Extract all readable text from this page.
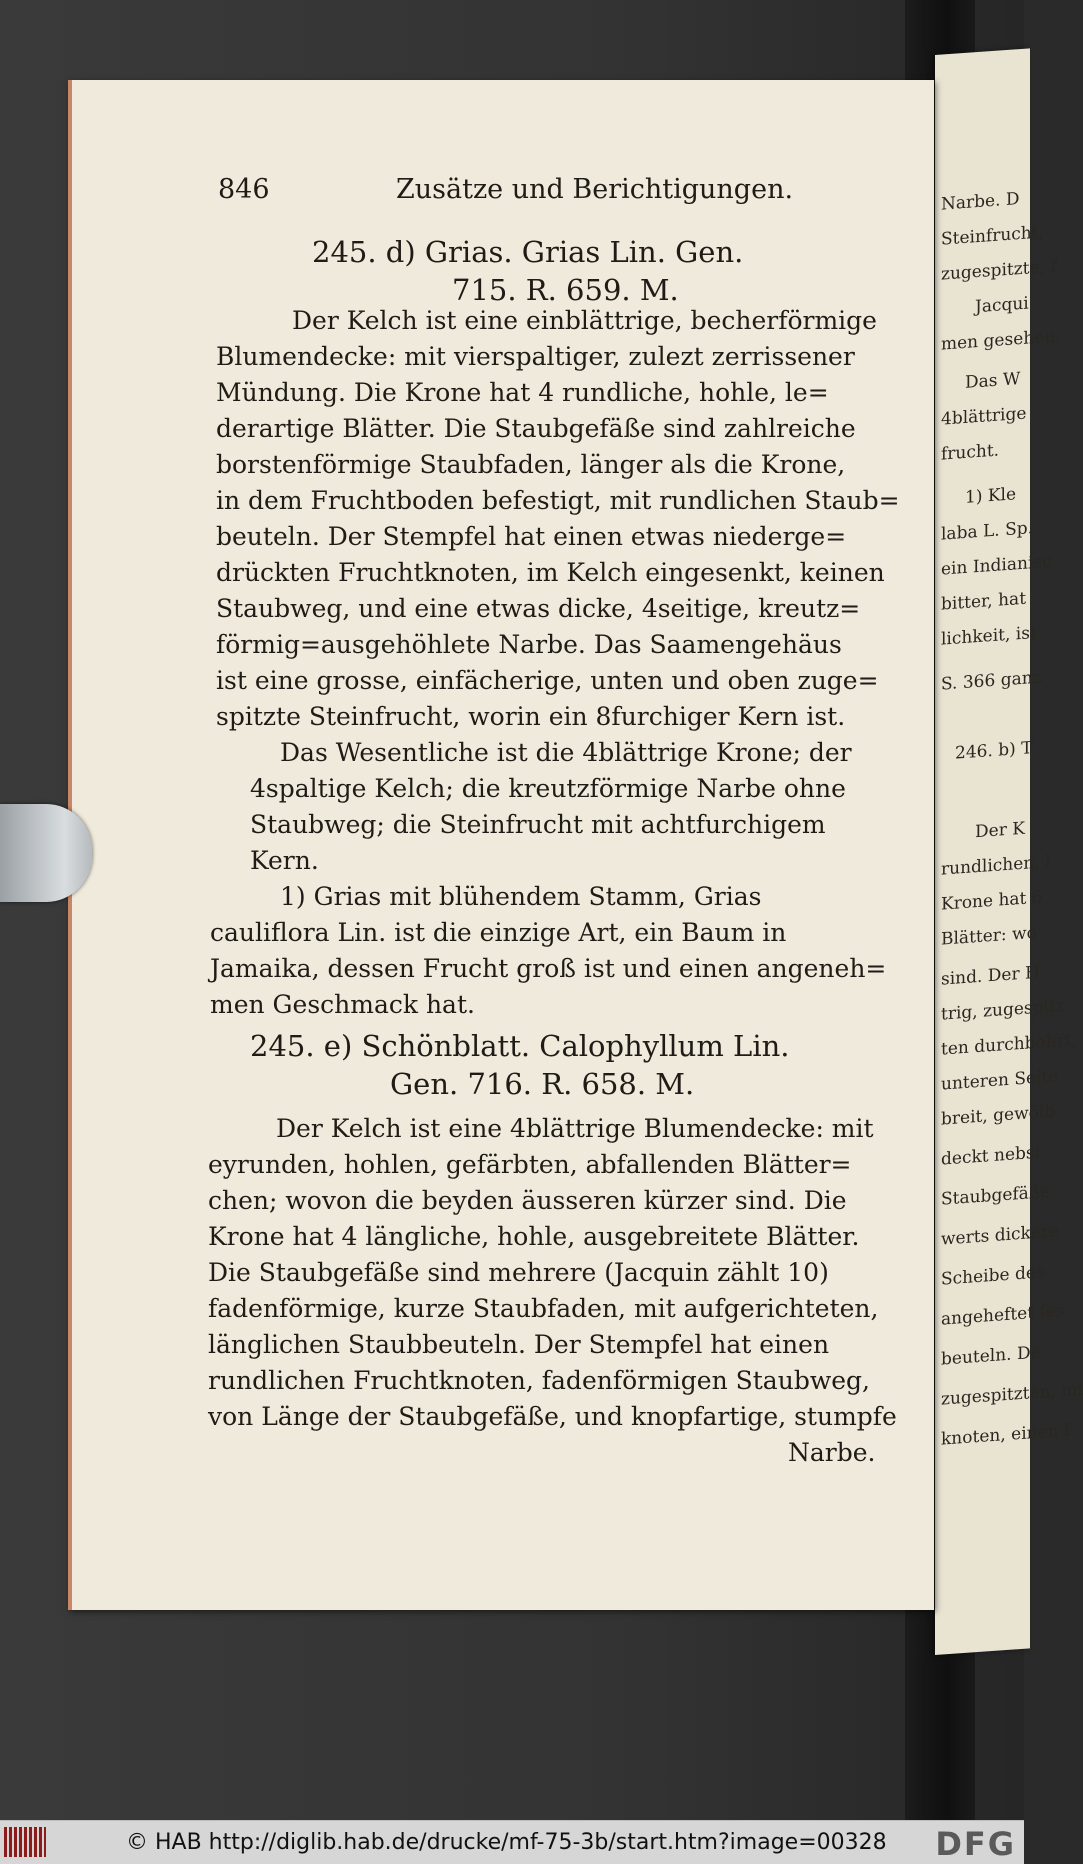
Narbe. D
Steinfrucht,
zugespitzte, f
Jacqui
men gesehen.
Das W
4blättrige
frucht.
1) Kle
laba L. Sp.
ein Indianisc
bitter, hat
lichkeit, ist
S. 366 ganz
246. b) T
Der K
rundlichen, l
Krone hat 6
Blätter: wo
sind. Der H
trig, zugespitz
ten durchbohrt,
unteren Seite
breit, gewölb
deckt nebst
Staubgefäße
werts dickere
Scheibe des
angeheftet fes
beuteln. De
zugespitzten, mi
knoten, einen f
846	Zusätze und Berichtigungen.
245. d) Grias. Grias Lin. Gen.
715. R. 659. M.
Der Kelch ist eine einblättrige, becherförmige
Blumendecke: mit vierspaltiger, zulezt zerrissener
Mündung. Die Krone hat 4 rundliche, hohle, le=
derartige Blätter. Die Staubgefäße sind zahlreiche
borstenförmige Staubfaden, länger als die Krone,
in dem Fruchtboden befestigt, mit rundlichen Staub=
beuteln. Der Stempfel hat einen etwas niederge=
drückten Fruchtknoten, im Kelch eingesenkt, keinen
Staubweg, und eine etwas dicke, 4seitige, kreutz=
förmig=ausgehöhlete Narbe. Das Saamengehäus
ist eine grosse, einfächerige, unten und oben zuge=
spitzte Steinfrucht, worin ein 8furchiger Kern ist.
Das Wesentliche ist die 4blättrige Krone; der
4spaltige Kelch; die kreutzförmige Narbe ohne
Staubweg; die Steinfrucht mit achtfurchigem
Kern.
1) Grias mit blühendem Stamm, Grias
cauliflora Lin. ist die einzige Art, ein Baum in
Jamaika, dessen Frucht groß ist und einen angeneh=
men Geschmack hat.
245. e) Schönblatt. Calophyllum Lin.
Gen. 716. R. 658. M.
Der Kelch ist eine 4blättrige Blumendecke: mit
eyrunden, hohlen, gefärbten, abfallenden Blätter=
chen; wovon die beyden äusseren kürzer sind. Die
Krone hat 4 längliche, hohle, ausgebreitete Blätter.
Die Staubgefäße sind mehrere (Jacquin zählt 10)
fadenförmige, kurze Staubfaden, mit aufgerichteten,
länglichen Staubbeuteln. Der Stempfel hat einen
rundlichen Fruchtknoten, fadenförmigen Staubweg,
von Länge der Staubgefäße, und knopfartige, stumpfe
Narbe.
© HAB http://diglib.hab.de/drucke/mf-75-3b/start.htm?image=00328 DFG
